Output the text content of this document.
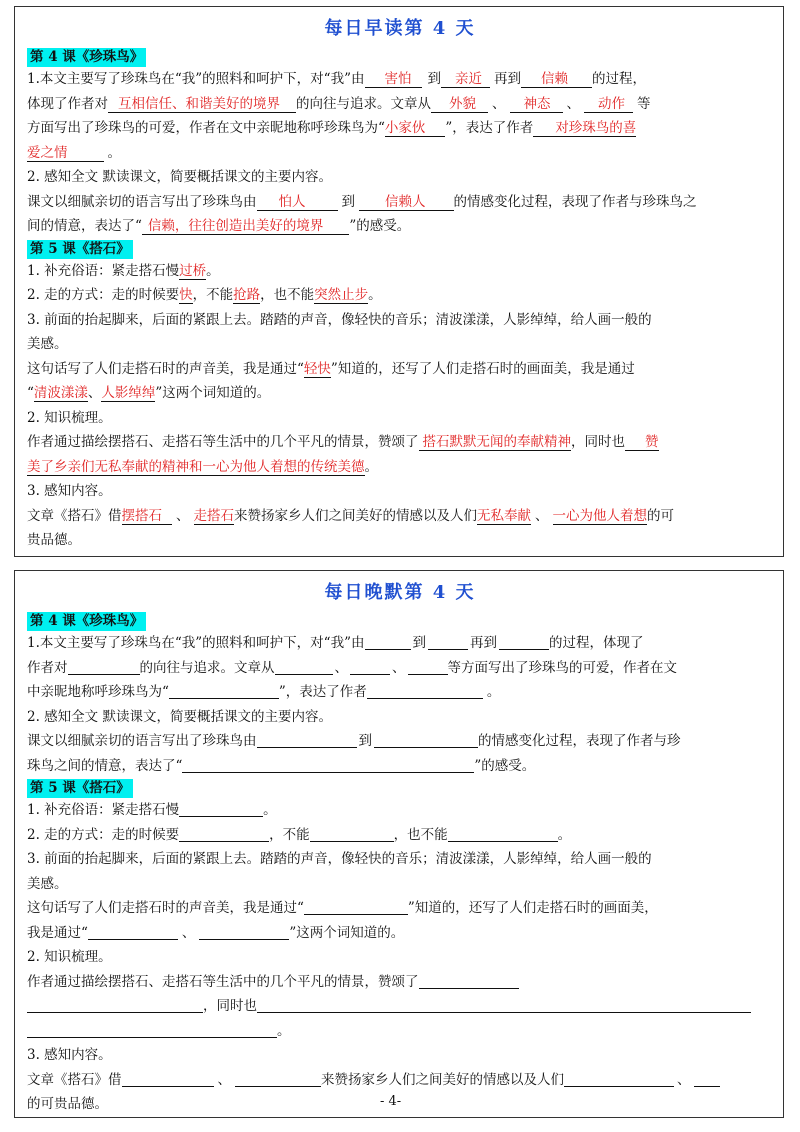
每日早读第 4 天
第 4 课《珍珠鸟》
1.本文主要写了珍珠鸟在“我”的照料和呵护下，对“我”由 害怕 到 亲近 再到 信赖 的过程，
体现了作者对 互相信任、和谐美好的境界 的向往与追求。文章从 外貌 、 神态 、 动作 等
方面写出了珍珠鸟的可爱，作者在文中亲昵地称呼珍珠鸟为“小家伙 ”，表达了作者 对珍珠鸟的喜
爱之情	。
2. 感知全文 默读课文，简要概括课文的主要内容。
课文以细腻亲切的语言写出了珍珠鸟由 怕人	到 信赖人 的情感变化过程，表现了作者与珍珠鸟之
间的情意，表达了“ 信赖，往往创造出美好的境界 ”的感受。
第 5 课《搭石》
1. 补充俗语：紧走搭石慢过桥。
2. 走的方式：走的时候要快，不能抢路，也不能突然止步。
3. 前面的抬起脚来，后面的紧跟上去。踏踏的声音，像轻快的音乐；清波漾漾，人影绰绰，给人画一般的
美感。
这句话写了人们走搭石时的声音美，我是通过“轻快”知道的，还写了人们走搭石时的画面美，我是通过
“清波漾漾、人影绰绰”这两个词知道的。
2. 知识梳理。
作者通过描绘摆搭石、走搭石等生活中的几个平凡的情景，赞颂了 搭石默默无闻的奉献精神，同时也 赞
美了乡亲们无私奉献的精神和一心为他人着想的传统美德。
3. 感知内容。
文章《搭石》借摆搭石 、 走搭石来赞扬家乡人们之间美好的情感以及人们无私奉献 、 一心为他人着想的可
贵品德。
每日晚默第 4 天
第 4 课《珍珠鸟》
1.本文主要写了珍珠鸟在“我”的照料和呵护下，对“我”由	到	再到	的过程，体现了
作者对	的向往与追求。文章从	、	、	等方面写出了珍珠鸟的可爱，作者在文
中亲昵地称呼珍珠鸟为“	”，表达了作者	。
2. 感知全文 默读课文，简要概括课文的主要内容。
课文以细腻亲切的语言写出了珍珠鸟由	到	的情感变化过程，表现了作者与珍
珠鸟之间的情意，表达了“	”的感受。
第 5 课《搭石》
1. 补充俗语：紧走搭石慢	。
2. 走的方式：走的时候要	，不能	，也不能	。
3. 前面的抬起脚来，后面的紧跟上去。踏踏的声音，像轻快的音乐；清波漾漾，人影绰绰，给人画一般的
美感。
这句话写了人们走搭石时的声音美，我是通过“	”知道的，还写了人们走搭石时的画面美，
我是通过“	、	”这两个词知道的。
2. 知识梳理。
作者通过描绘摆搭石、走搭石等生活中的几个平凡的情景，赞颂了
，同时也
。
3. 感知内容。
文章《搭石》借	、	来赞扬家乡人们之间美好的情感以及人们	、
的可贵品德。	- 4-
